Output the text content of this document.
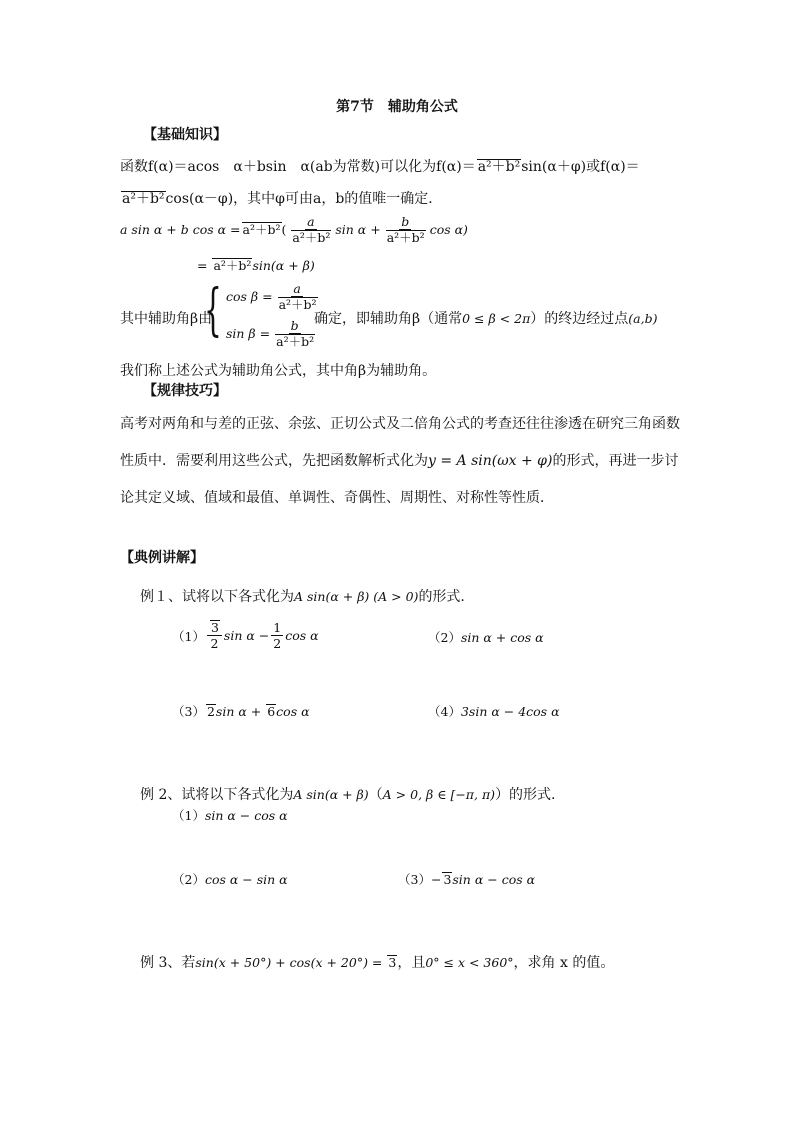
第7节　辅助角公式
【基础知识】
函数f(α)＝acos　α＋bsin　α(ab为常数)可以化为f(α)＝ a²＋b²sin(α＋φ)或f(α)＝
a²＋b²cos(α－φ)，其中φ可由a，b的值唯一确定．
a sin α + b cos α = a²＋b² ( $\frac{a}{\text{a²＋b²}}$ $\sin \alpha + \frac{b}{\text{a²＋b²}}$ cos α)
= a²＋b²sin(α + β)
其中辅助角β由
{ $\cos \beta = \frac{a}{\text{a²＋b²}}$
$\sin \beta = \frac{b}{\text{a²＋b²}}$
确定，即辅助角β（通常0 ≤ β < 2π）的终边经过点(a,b)
我们称上述公式为辅助角公式，其中角β为辅助角。
【规律技巧】
高考对两角和与差的正弦、余弦、正切公式及二倍角公式的考查还往往渗透在研究三角函数
性质中．需要利用这些公式，先把函数解析式化为y = A sin(ωx + φ)的形式，再进一步讨
论其定义域、值域和最值、单调性、奇偶性、周期性、对称性等性质．
【典例讲解】
例１、试将以下各式化为A sin(α + β) (A > 0)的形式.
$(1) \frac{3}{2}$ $\sin \alpha - \frac{1}{2}$ cos α	（2）sin α + cos α
（3） 2sin α + 6cos α	（4）3sin α − 4cos α
例 2、试将以下各式化为A sin(α + β)（A > 0, β ∈ [−π, π)）的形式.
（1）sin α − cos α
（2）cos α − sin α	（3）− 3sin α − cos α
例 3、若sin(x + 50°) + cos(x + 20°) = 3，且0° ≤ x < 360°，求角 x 的值。
